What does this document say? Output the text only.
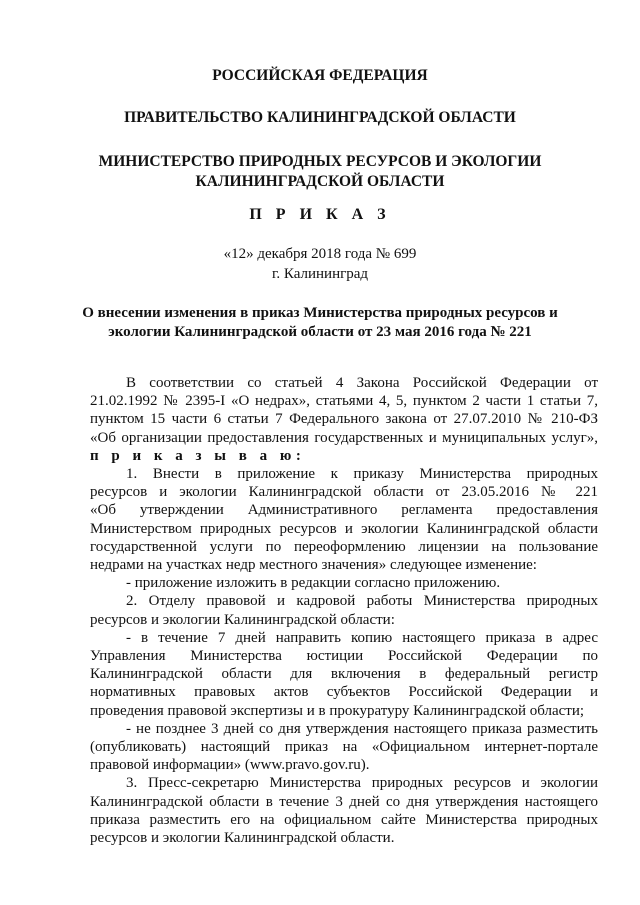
РОССИЙСКАЯ ФЕДЕРАЦИЯ

ПРАВИТЕЛЬСТВО КАЛИНИНГРАДСКОЙ ОБЛАСТИ

МИНИСТЕРСТВО ПРИРОДНЫХ РЕСУРСОВ И ЭКОЛОГИИ
КАЛИНИНГРАДСКОЙ ОБЛАСТИ

П Р И К А З

«12» декабря 2018 года № 699

г. Калининград

О внесении изменения в приказ Министерства природных ресурсов и
экологии Калининградской области от 23 мая 2016 года № 221

В соответствии со статьей 4 Закона Российской Федерации от
21.02.1992 № 2395-I «О недрах», статьями 4, 5, пунктом 2 части 1 статьи 7,
пунктом 15 части 6 статьи 7 Федерального закона от 27.07.2010 № 210-ФЗ
«Об организации предоставления государственных и муниципальных услуг»,
п р и к а з ы в а ю:

1. Внести в приложение к приказу Министерства природных
ресурсов и экологии Калининградской области от 23.05.2016 № 221
«Об утверждении Административного регламента предоставления
Министерством природных ресурсов и экологии Калининградской области
государственной услуги по переоформлению лицензии на пользование
недрами на участках недр местного значения» следующее изменение:

- приложение изложить в редакции согласно приложению.

2. Отделу правовой и кадровой работы Министерства природных
ресурсов и экологии Калининградской области:

- в течение 7 дней направить копию настоящего приказа в адрес
Управления Министерства юстиции Российской Федерации по
Калининградской области для включения в федеральный регистр
нормативных правовых актов субъектов Российской Федерации и
проведения правовой экспертизы и в прокуратуру Калининградской области;

- не позднее 3 дней со дня утверждения настоящего приказа разместить
(опубликовать) настоящий приказ на «Официальном интернет-портале
правовой информации» (www.pravo.gov.ru).

3. Пресс-секретарю Министерства природных ресурсов и экологии
Калининградской области в течение 3 дней со дня утверждения настоящего
приказа разместить его на официальном сайте Министерства природных
ресурсов и экологии Калининградской области.
